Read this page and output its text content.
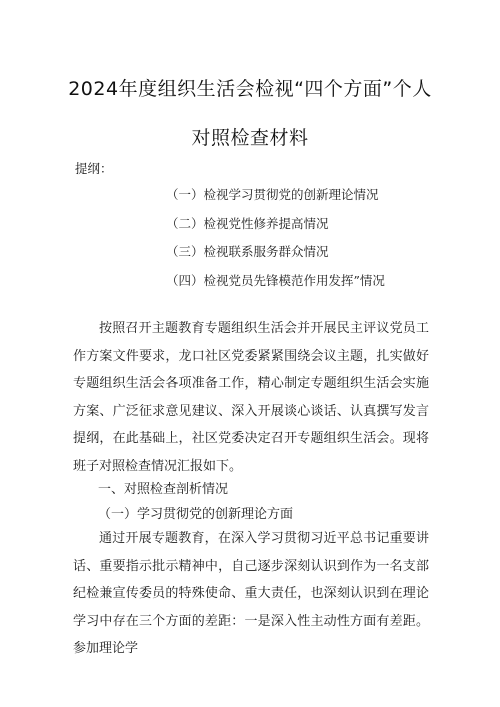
2024年度组织生活会检视“四个方面”个人
对照检查材料
提纲：
（一）检视学习贯彻党的创新理论情况
（二）检视党性修养提高情况
（三）检视联系服务群众情况
（四）检视党员先锋模范作用发挥”情况

按照召开主题教育专题组织生活会并开展民主评议党员工作方案文件要求，龙口社区党委紧紧围绕会议主题，扎实做好专题组织生活会各项准备工作，精心制定专题组织生活会实施方案、广泛征求意见建议、深入开展谈心谈话、认真撰写发言提纲，在此基础上，社区党委决定召开专题组织生活会。现将班子对照检查情况汇报如下。

一、对照检查剖析情况
（一）学习贯彻党的创新理论方面

通过开展专题教育，在深入学习贯彻习近平总书记重要讲话、重要指示批示精神中，自己逐步深刻认识到作为一名支部纪检兼宣传委员的特殊使命、重大责任，也深刻认识到在理论学习中存在三个方面的差距：一是深入性主动性方面有差距。参加理论学
